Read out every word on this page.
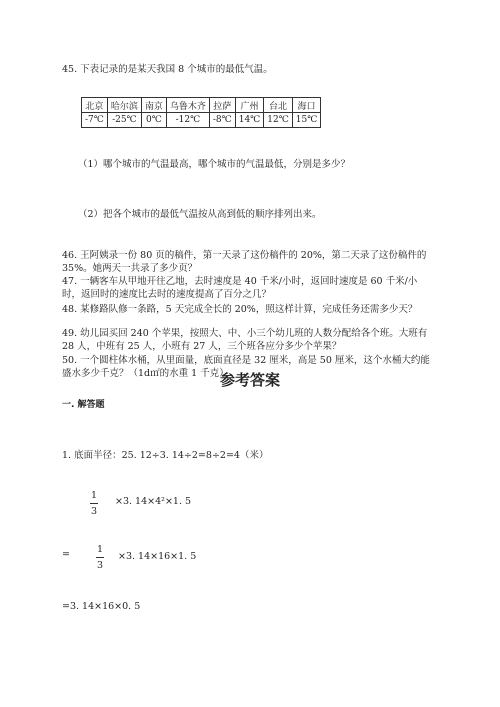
45. 下表记录的是某天我国 8 个城市的最低气温。
北京	哈尔滨	南京	乌鲁木齐	拉萨	广州	台北	海口
-7℃	-25℃	0℃	-12℃	-8℃	14℃	12℃	15℃
（1）哪个城市的气温最高，哪个城市的气温最低，分别是多少？
（2）把各个城市的最低气温按从高到低的顺序排列出来。
46. 王阿姨录一份 80 页的稿件，第一天录了这份稿件的 20%，第二天录了这份稿件的 35%。她两天一共录了多少页？
47. 一辆客车从甲地开往乙地，去时速度是 40 千米/小时，返回时速度是 60 千米/小时，返回时的速度比去时的速度提高了百分之几？
48. 某修路队修一条路，5 天完成全长的 20%，照这样计算，完成任务还需多少天？
49. 幼儿园买回 240 个苹果，按照大、中、小三个幼儿班的人数分配给各个班。大班有 28 人，中班有 25 人，小班有 27 人，三个班各应分多少个苹果？
50. 一个圆柱体水桶，从里面量，底面直径是 32 厘米，高是 50 厘米，这个水桶大约能盛水多少千克？（1d㎡的水重 1 千克）
参考答案
一. 解答题
1. 底面半径：25. 12÷3. 14÷2=8÷2=4（米）
1
3
×3. 14×4²×1. 5
=	1
3
×3. 14×16×1. 5
=3. 14×16×0. 5
